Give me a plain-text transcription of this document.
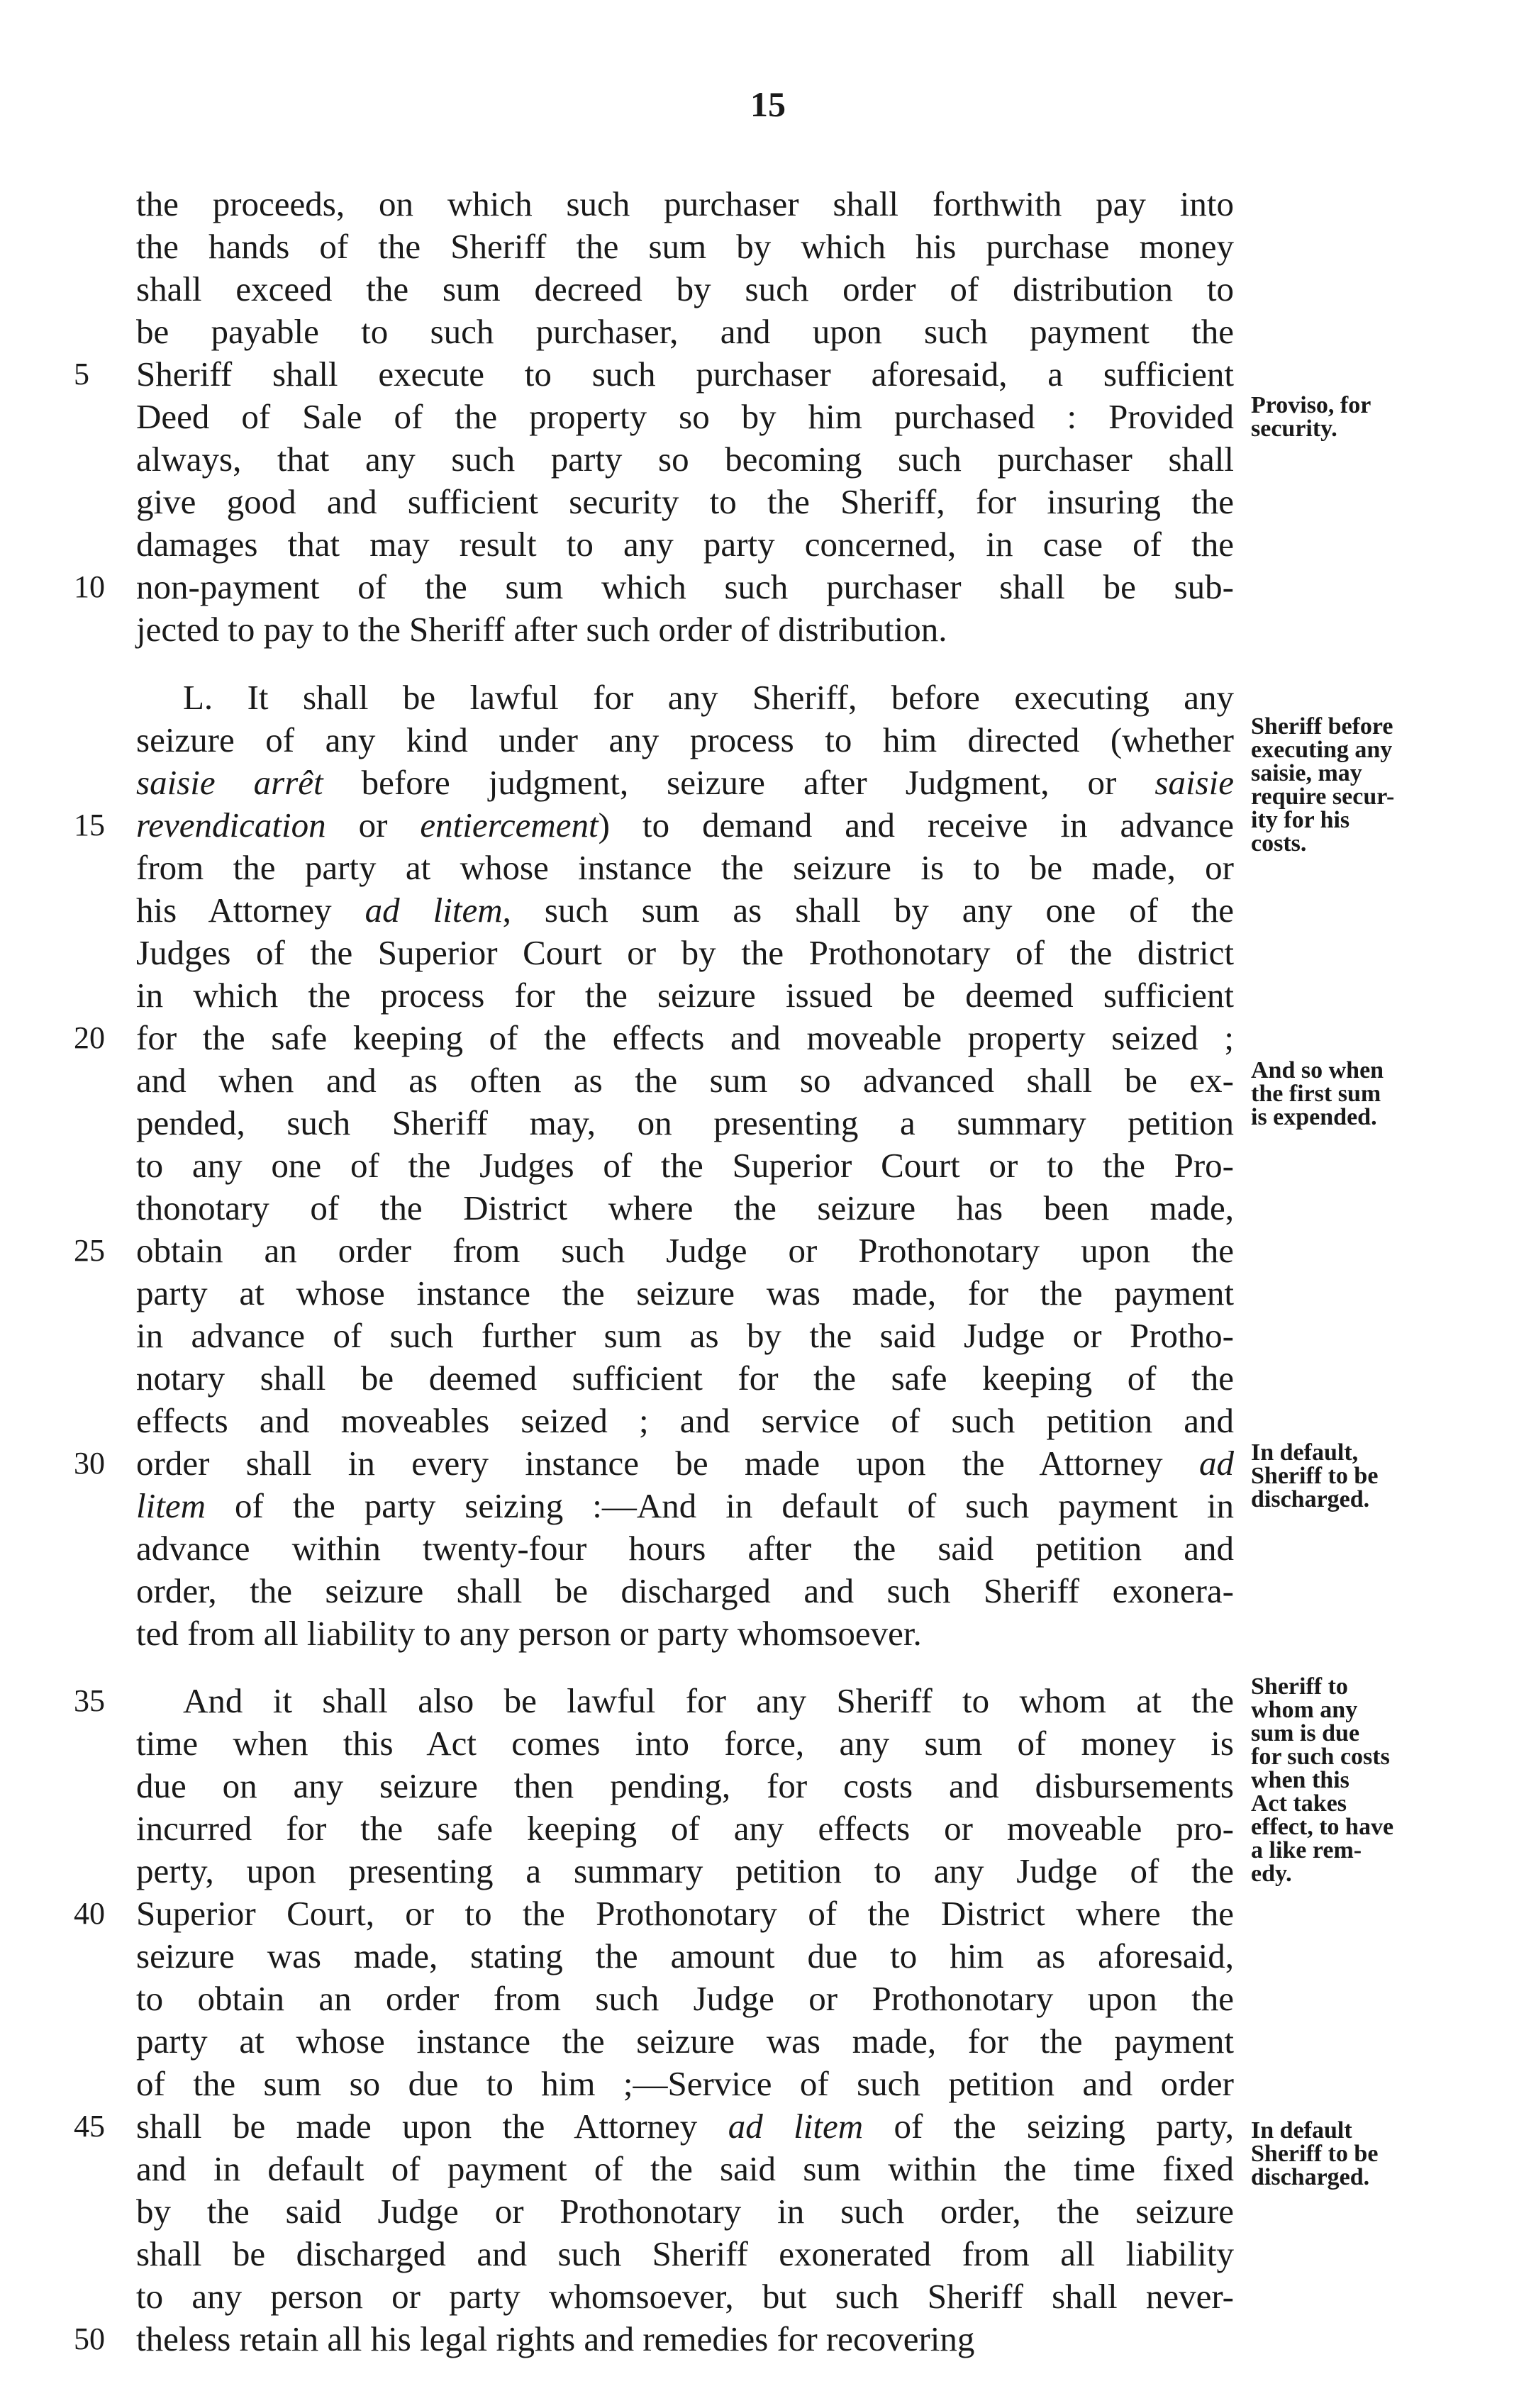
15
the proceeds, on which such purchaser shall forthwith pay into
the hands of the Sheriff the sum by which his purchase money
shall exceed the sum decreed by such order of distribution to
be payable to such purchaser, and upon such payment the
Sheriff shall execute to such purchaser aforesaid, a sufficient
Deed of Sale of the property so by him purchased : Provided
always, that any such party so becoming such purchaser shall
give good and sufficient security to the Sheriff, for insuring the
damages that may result to any party concerned, in case of the
non-payment of the sum which such purchaser shall be sub-
jected to pay to the Sheriff after such order of distribution.
L. It shall be lawful for any Sheriff, before executing any
seizure of any kind under any process to him directed (whether
saisie arrêt before judgment, seizure after Judgment, or saisie
revendication or entiercement) to demand and receive in advance
from the party at whose instance the seizure is to be made, or
his Attorney ad litem, such sum as shall by any one of the
Judges of the Superior Court or by the Prothonotary of the district
in which the process for the seizure issued be deemed sufficient
for the safe keeping of the effects and moveable property seized ;
and when and as often as the sum so advanced shall be ex-
pended, such Sheriff may, on presenting a summary petition
to any one of the Judges of the Superior Court or to the Pro-
thonotary of the District where the seizure has been made,
obtain an order from such Judge or Prothonotary upon the
party at whose instance the seizure was made, for the payment
in advance of such further sum as by the said Judge or Protho-
notary shall be deemed sufficient for the safe keeping of the
effects and moveables seized ; and service of such petition and
order shall in every instance be made upon the Attorney ad
litem of the party seizing :—And in default of such payment in
advance within twenty-four hours after the said petition and
order, the seizure shall be discharged and such Sheriff exonera-
ted from all liability to any person or party whomsoever.
And it shall also be lawful for any Sheriff to whom at the
time when this Act comes into force, any sum of money is
due on any seizure then pending, for costs and disbursements
incurred for the safe keeping of any effects or moveable pro-
perty, upon presenting a summary petition to any Judge of the
Superior Court, or to the Prothonotary of the District where the
seizure was made, stating the amount due to him as aforesaid,
to obtain an order from such Judge or Prothonotary upon the
party at whose instance the seizure was made, for the payment
of the sum so due to him ;—Service of such petition and order
shall be made upon the Attorney ad litem of the seizing party,
and in default of payment of the said sum within the time fixed
by the said Judge or Prothonotary in such order, the seizure
shall be discharged and such Sheriff exonerated from all liability
to any person or party whomsoever, but such Sheriff shall never-
theless retain all his legal rights and remedies for recovering
5
10
15
20
25
30
35
40
45
50
Proviso, for
security.
Sheriff before
executing any
saisie, may
require secur-
ity for his
costs.
And so when
the first sum
is expended.
In default,
Sheriff to be
discharged.
Sheriff to
whom any
sum is due
for such costs
when this
Act takes
effect, to have
a like rem-
edy.
In default
Sheriff to be
discharged.
